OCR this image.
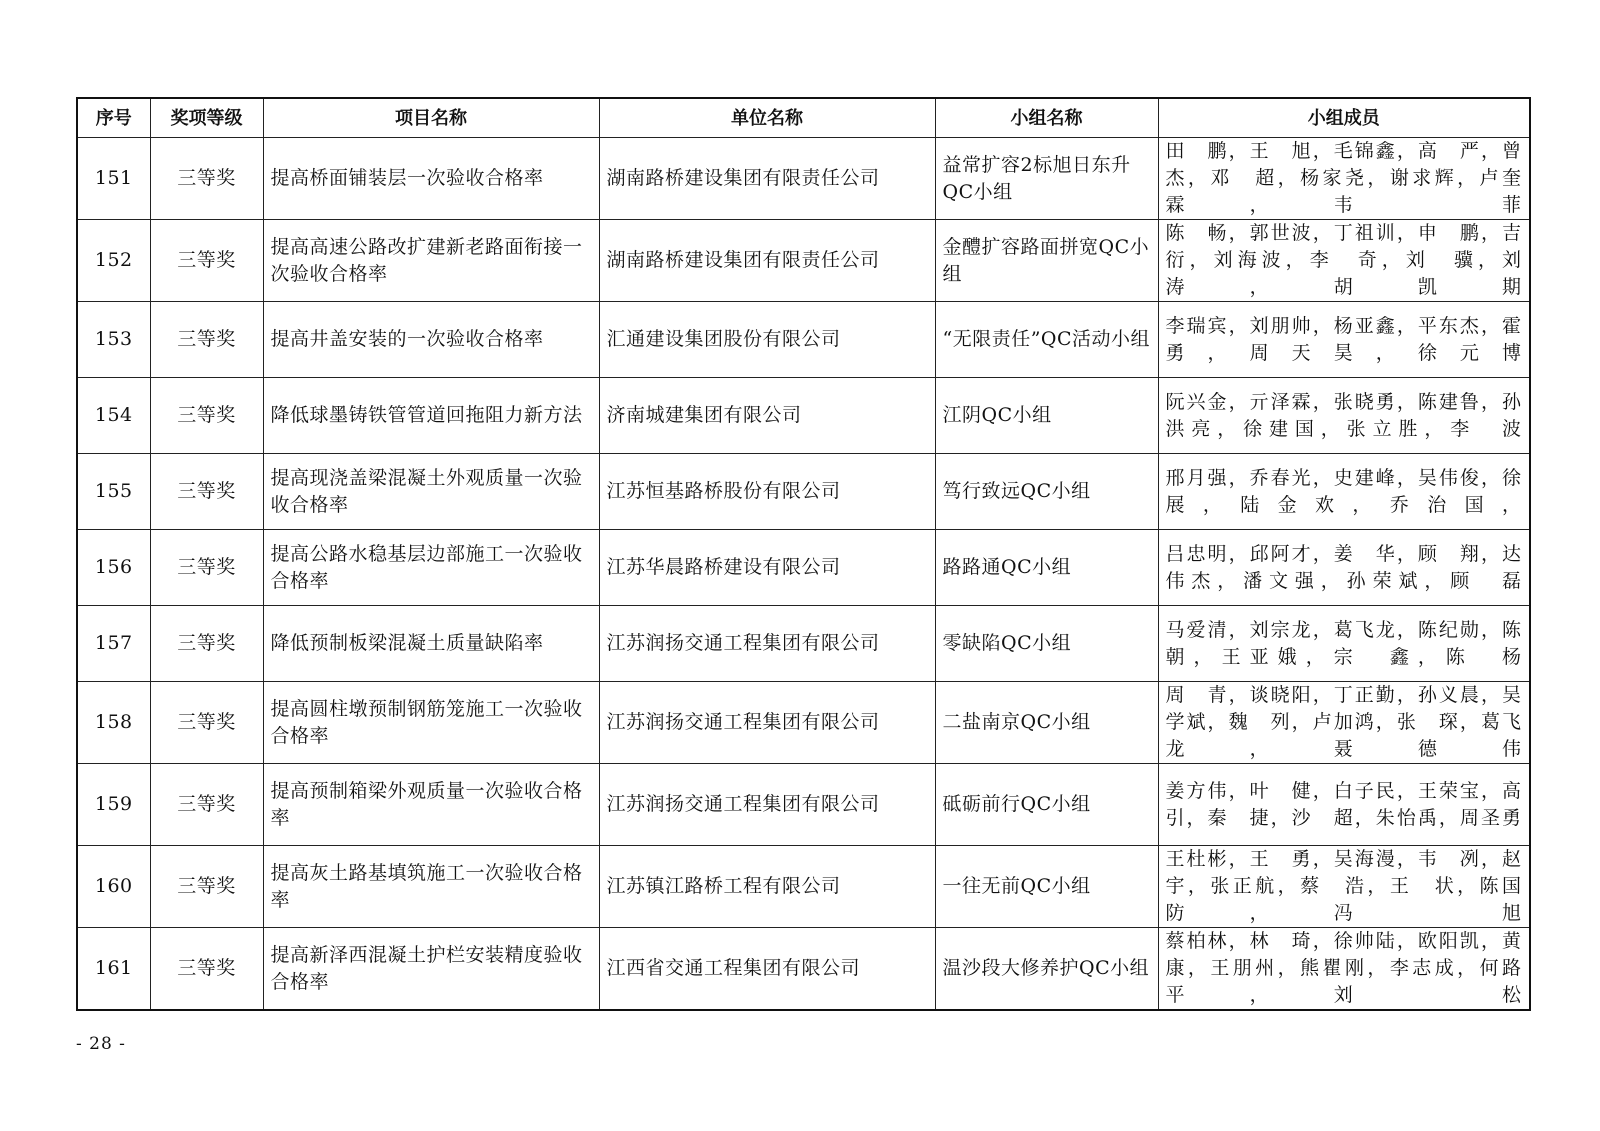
序号	奖项等级	项目名称	单位名称	小组名称	小组成员
151	三等奖	提高桥面铺装层一次验收合格率	湖南路桥建设集团有限责任公司	益常扩容2标旭日东升QC小组	田　鹏，王　旭，毛锦鑫，高　严，曾　杰，邓　超，杨家尧，谢求辉，卢奎霖，韦　菲
152	三等奖	提高高速公路改扩建新老路面衔接一次验收合格率	湖南路桥建设集团有限责任公司	金醴扩容路面拼宽QC小组	陈　畅，郭世波，丁祖训，申　鹏，吉　衍，刘海波，李　奇，刘　骥，刘　涛，胡凯期
153	三等奖	提高井盖安装的一次验收合格率	汇通建设集团股份有限公司	“无限责任”QC活动小组	李瑞宾，刘朋帅，杨亚鑫，平东杰，霍　勇，周天昊，徐元博
154	三等奖	降低球墨铸铁管管道回拖阻力新方法	济南城建集团有限公司	江阴QC小组	阮兴金，亓泽霖，张晓勇，陈建鲁，孙洪亮，徐建国，张立胜，李　波
155	三等奖	提高现浇盖梁混凝土外观质量一次验收合格率	江苏恒基路桥股份有限公司	笃行致远QC小组	邢月强，乔春光，史建峰，吴伟俊，徐　展，陆金欢，乔治国，
156	三等奖	提高公路水稳基层边部施工一次验收合格率	江苏华晨路桥建设有限公司	路路通QC小组	吕忠明，邱阿才，姜　华，顾　翔，达伟杰，潘文强，孙荣斌，顾　磊
157	三等奖	降低预制板梁混凝土质量缺陷率	江苏润扬交通工程集团有限公司	零缺陷QC小组	马爱清，刘宗龙，葛飞龙，陈纪勋，陈　朝，王亚娥，宗　鑫，陈　杨
158	三等奖	提高圆柱墩预制钢筋笼施工一次验收合格率	江苏润扬交通工程集团有限公司	二盐南京QC小组	周　青，谈晓阳，丁正勤，孙义晨，吴学斌，魏　列，卢加鸿，张　琛，葛飞龙，聂德伟
159	三等奖	提高预制箱梁外观质量一次验收合格率	江苏润扬交通工程集团有限公司	砥砺前行QC小组	姜方伟，叶　健，白子民，王荣宝，高　引，秦　捷，沙　超，朱怡禹，周圣勇
160	三等奖	提高灰土路基填筑施工一次验收合格率	江苏镇江路桥工程有限公司	一往无前QC小组	王杜彬，王　勇，吴海漫，韦　冽，赵　宇，张正航，蔡　浩，王　状，陈国防，冯　旭
161	三等奖	提高新泽西混凝土护栏安装精度验收合格率	江西省交通工程集团有限公司	温沙段大修养护QC小组	蔡柏林，林　琦，徐帅陆，欧阳凯，黄　康，王朋州，熊瞿刚，李志成，何路平，刘　松
- 28 -
